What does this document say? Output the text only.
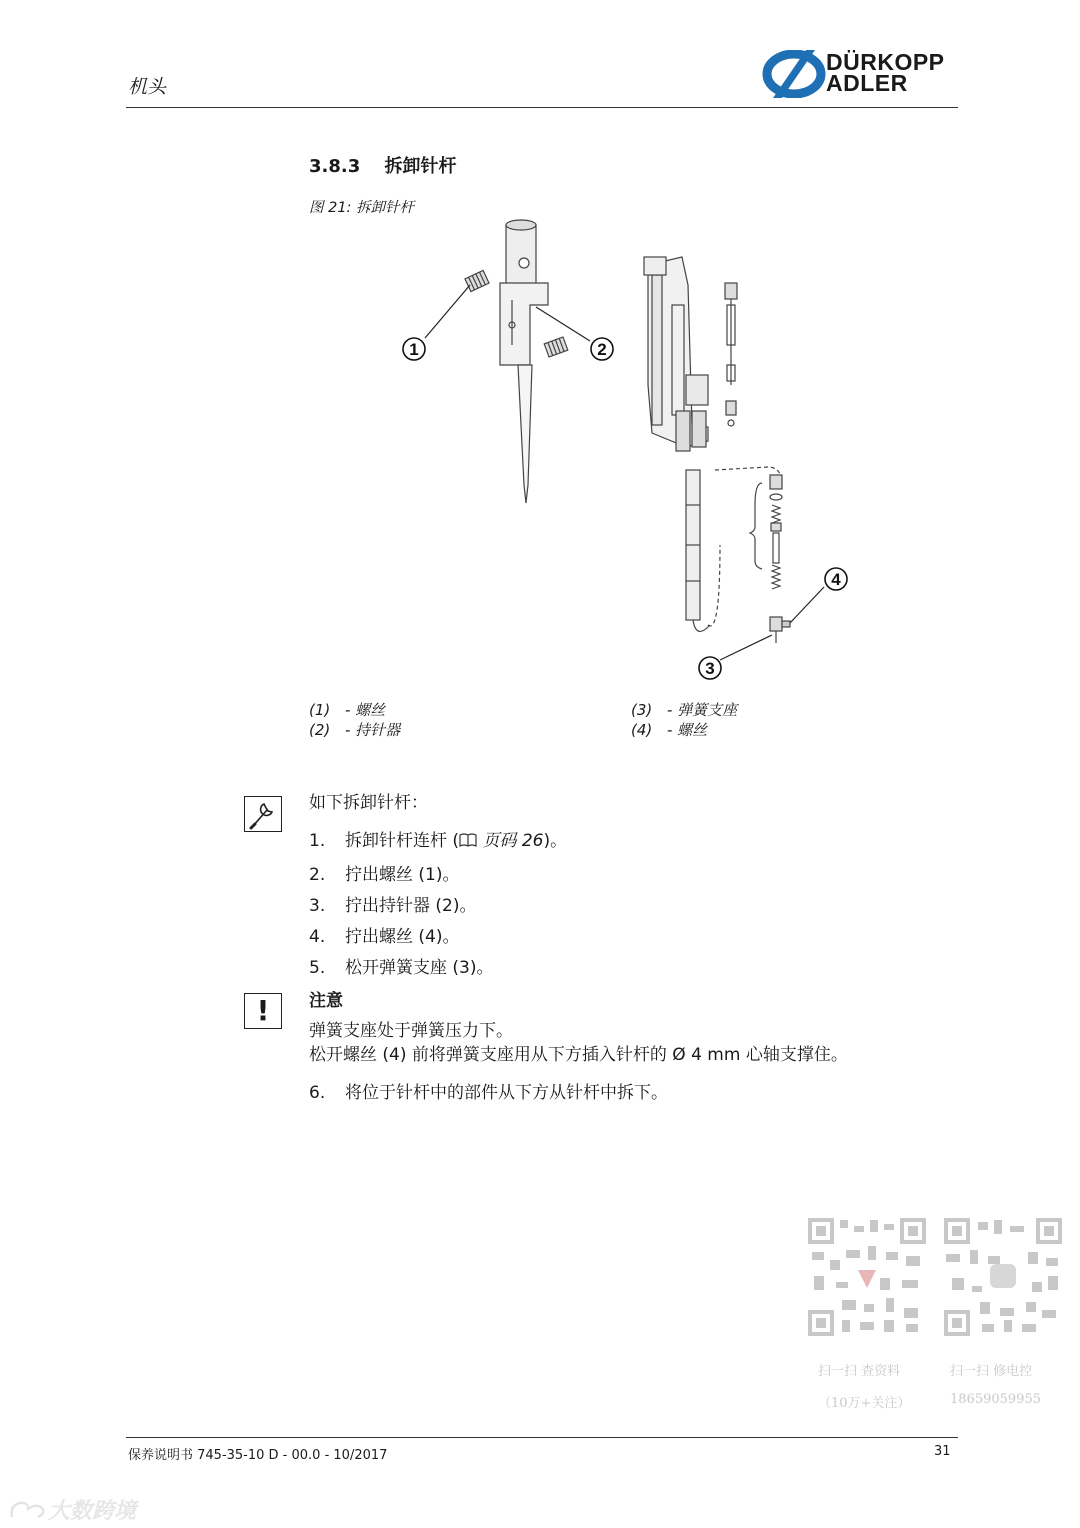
机头
DÜRKOPP
ADLER
3.8.3 拆卸针杆
图 21: 拆卸针杆
1	2
3
4
(1) - 螺丝
(2) - 持针器
(3) - 弹簧支座
(4) - 螺丝
如下拆卸针杆：
1. 拆卸针杆连杆 ( 页码 26)。
2. 拧出螺丝 (1)。
3. 拧出持针器 (2)。
4. 拧出螺丝 (4)。
5. 松开弹簧支座 (3)。
!	注意
弹簧支座处于弹簧压力下。
松开螺丝 (4) 前将弹簧支座用从下方插入针杆的 Ø 4 mm 心轴支撑住。
6. 将位于针杆中的部件从下方从针杆中拆下。
扫一扫 查资料
（10万+关注）
扫一扫 修电控
18659059955
保养说明书 745-35-10 D - 00.0 - 10/2017	31
大数跨境
